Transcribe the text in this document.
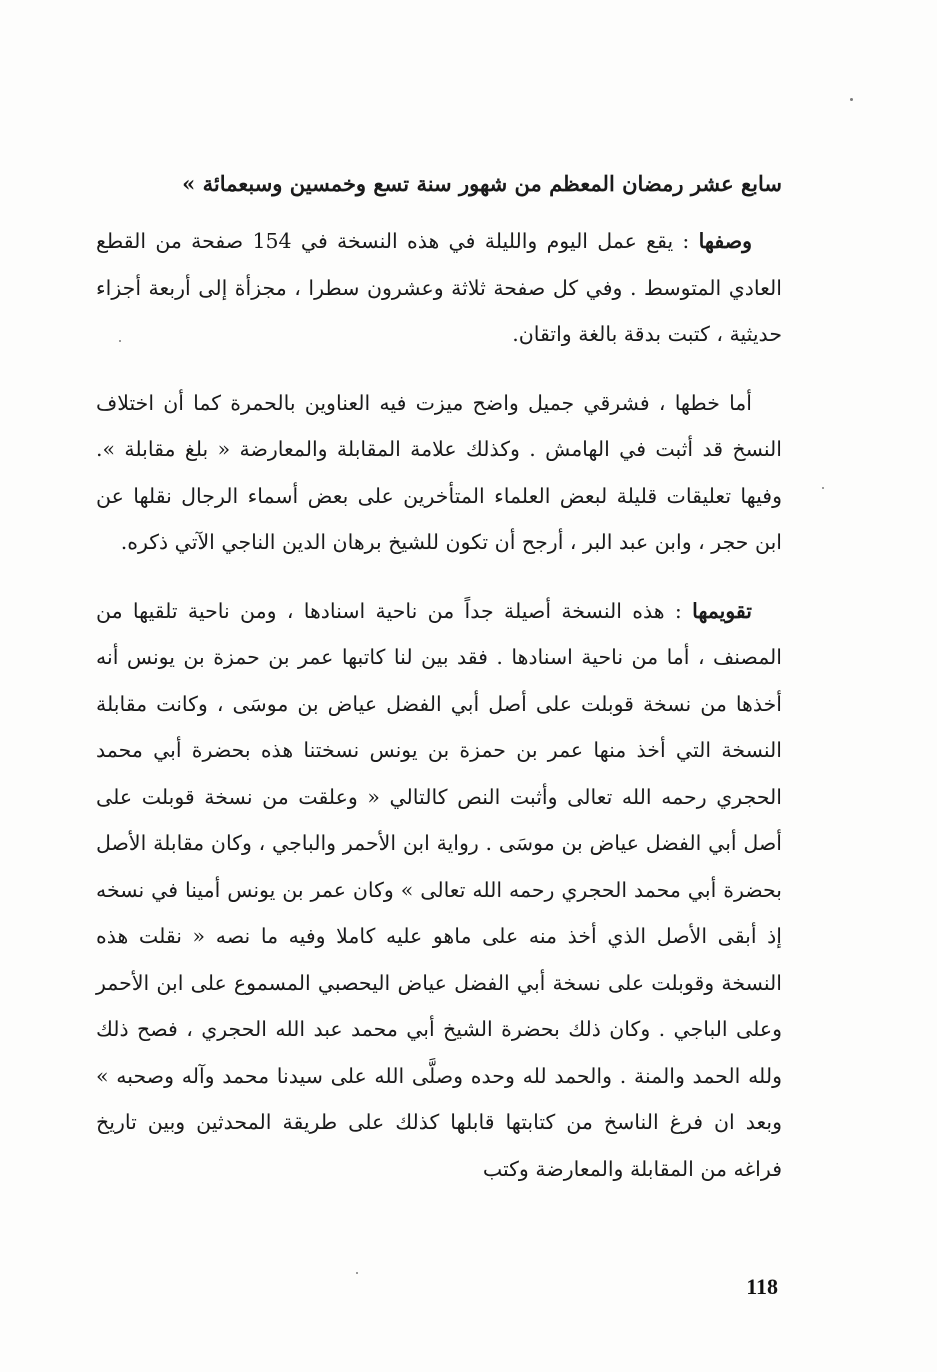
سابع عشر رمضان المعظم من شهور سنة تسع وخمسين وسبعمائة »

وصفها : يقع عمل اليوم والليلة في هذه النسخة في 154 صفحة من القطع العادي المتوسط . وفي كل صفحة ثلاثة وعشرون سطرا ، مجزأة إلى أربعة أجزاء حديثية ، كتبت بدقة بالغة واتقان.

أما خطها ، فشرقي جميل واضح ميزت فيه العناوين بالحمرة كما أن اختلاف النسخ قد أثبت في الهامش . وكذلك علامة المقابلة والمعارضة « بلغ مقابلة ». وفيها تعليقات قليلة لبعض العلماء المتأخرين على بعض أسماء الرجال نقلها عن ابن حجر ، وابن عبد البر ، أرجح أن تكون للشيخ برهان الدين الناجي الآتي ذكره.

تقويمها : هذه النسخة أصيلة جداً من ناحية اسنادها ، ومن ناحية تلقيها من المصنف ، أما من ناحية اسنادها . فقد بين لنا كاتبها عمر بن حمزة بن يونس أنه أخذها من نسخة قوبلت على أصل أبي الفضل عياض بن موسَى ، وكانت مقابلة النسخة التي أخذ منها عمر بن حمزة بن يونس نسختنا هذه بحضرة أبي محمد الحجري رحمه الله تعالى وأثبت النص كالتالي « وعلقت من نسخة قوبلت على أصل أبي الفضل عياض بن موسَى . رواية ابن الأحمر والباجي ، وكان مقابلة الأصل بحضرة أبي محمد الحجري رحمه الله تعالى » وكان عمر بن يونس أمينا في نسخه إذ أبقى الأصل الذي أخذ منه على ماهو عليه كاملا وفيه ما نصه « نقلت هذه النسخة وقوبلت على نسخة أبي الفضل عياض اليحصبي المسموع على ابن الأحمر وعلى الباجي . وكان ذلك بحضرة الشيخ أبي محمد عبد الله الحجري ، فصح ذلك ولله الحمد والمنة . والحمد لله وحده وصلَّى الله على سيدنا محمد وآله وصحبه » وبعد ان فرغ الناسخ من كتابتها قابلها كذلك على طريقة المحدثين وبين تاريخ فراغه من المقابلة والمعارضة وكتب

118
